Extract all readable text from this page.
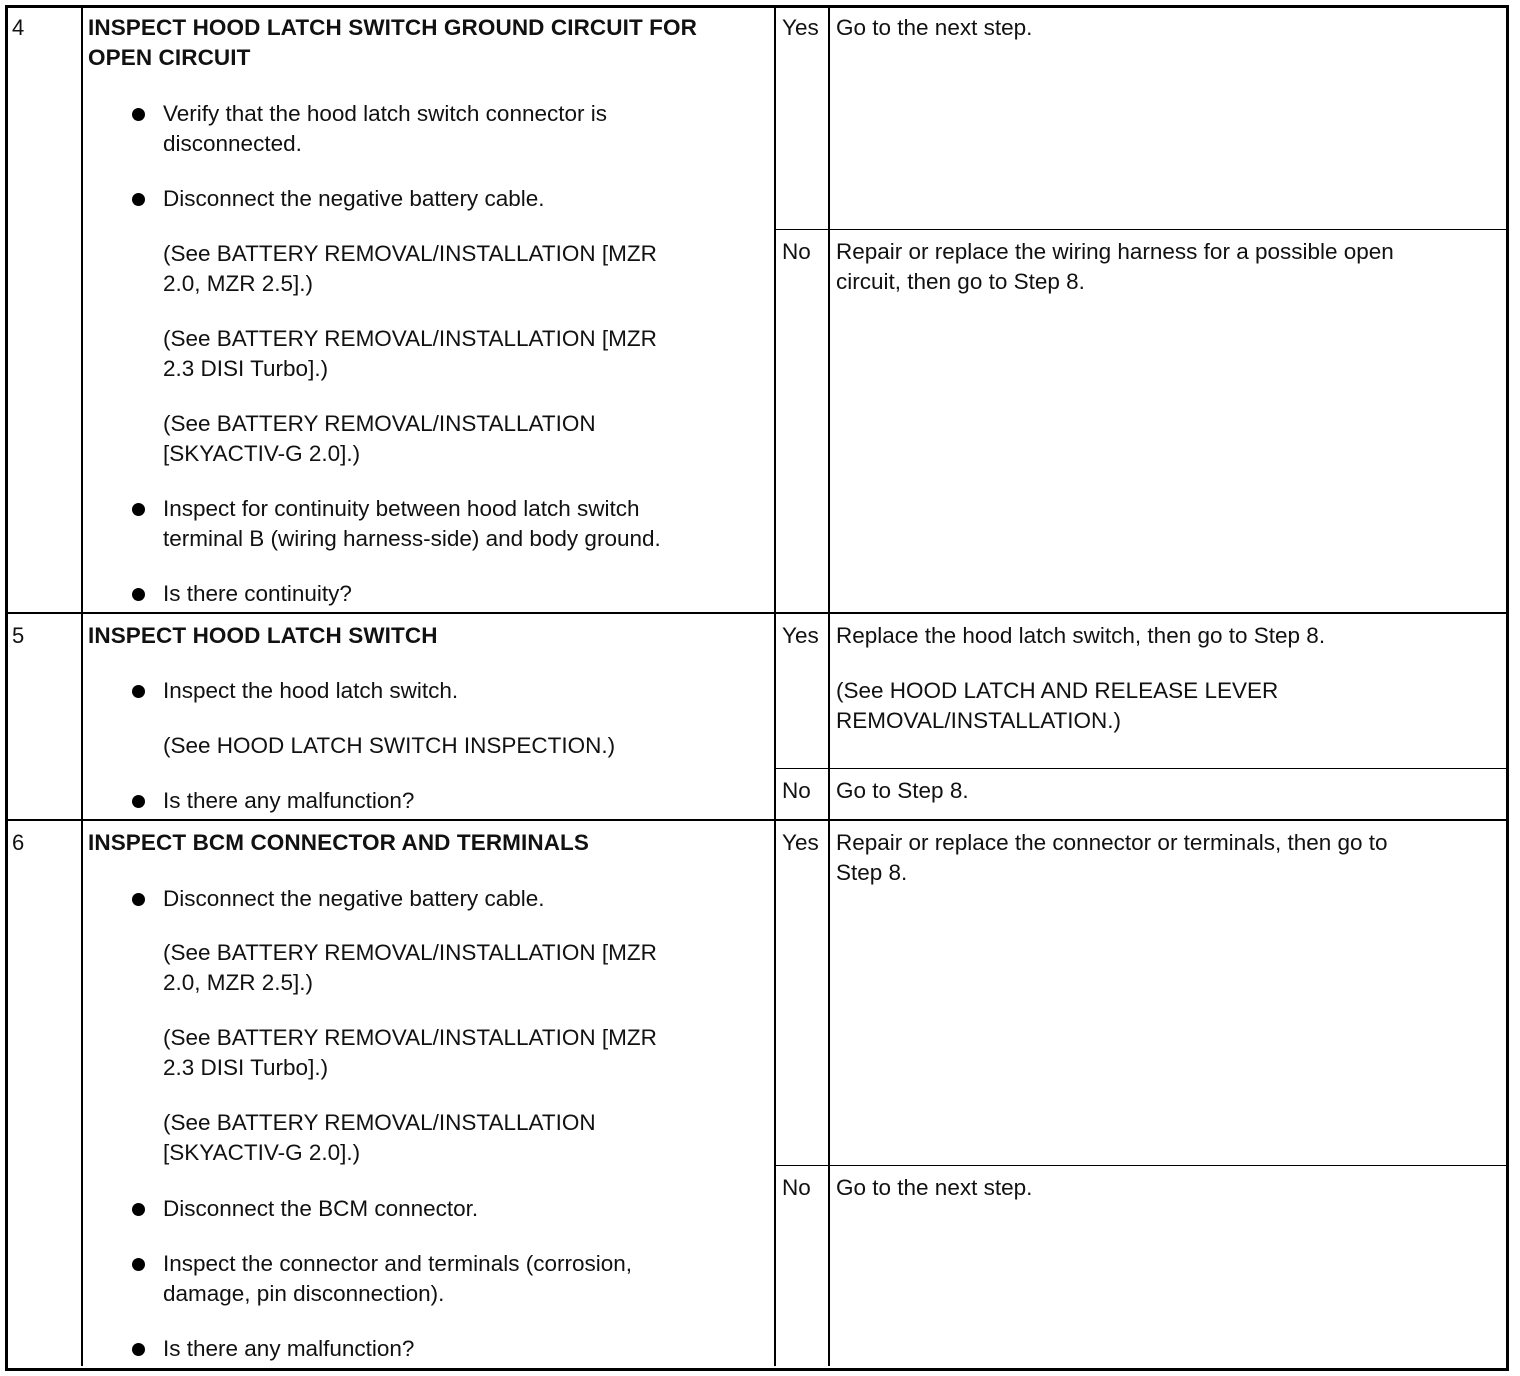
4	INSPECT HOOD LATCH SWITCH GROUND CIRCUIT FOR
OPEN CIRCUIT
Verify that the hood latch switch connector is
disconnected.
Disconnect the negative battery cable.
(See BATTERY REMOVAL/INSTALLATION [MZR
2.0, MZR 2.5].)
(See BATTERY REMOVAL/INSTALLATION [MZR
2.3 DISI Turbo].)
(See BATTERY REMOVAL/INSTALLATION
[SKYACTIV-G 2.0].)
Inspect for continuity between hood latch switch
terminal B (wiring harness-side) and body ground.
Is there continuity?
Yes Go to the next step.
No Repair or replace the wiring harness for a possible open
circuit, then go to Step 8.
5	INSPECT HOOD LATCH SWITCH
Inspect the hood latch switch.
(See HOOD LATCH SWITCH INSPECTION.)
Is there any malfunction?
Yes Replace the hood latch switch, then go to Step 8.
(See HOOD LATCH AND RELEASE LEVER
REMOVAL/INSTALLATION.)
No Go to Step 8.
6	INSPECT BCM CONNECTOR AND TERMINALS
Disconnect the negative battery cable.
(See BATTERY REMOVAL/INSTALLATION [MZR
2.0, MZR 2.5].)
(See BATTERY REMOVAL/INSTALLATION [MZR
2.3 DISI Turbo].)
(See BATTERY REMOVAL/INSTALLATION
[SKYACTIV-G 2.0].)
Disconnect the BCM connector.
Inspect the connector and terminals (corrosion,
damage, pin disconnection).
Is there any malfunction?
Yes Repair or replace the connector or terminals, then go to
Step 8.
No Go to the next step.
